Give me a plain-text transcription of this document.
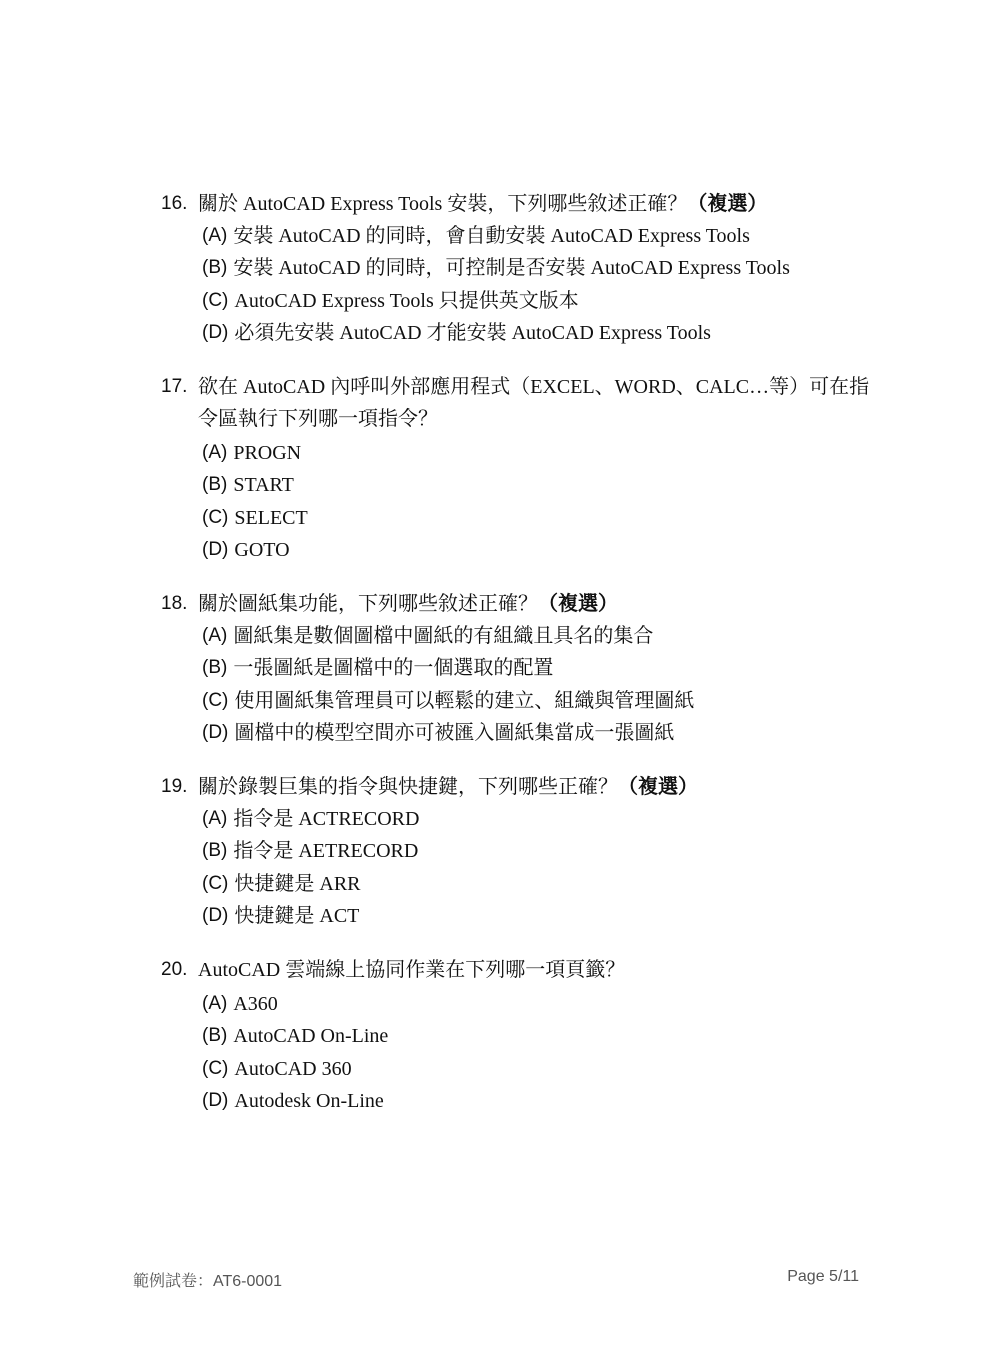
16. 關於 AutoCAD Express Tools 安裝，下列哪些敘述正確？（複選）
(A) 安裝 AutoCAD 的同時，會自動安裝 AutoCAD Express Tools
(B) 安裝 AutoCAD 的同時，可控制是否安裝 AutoCAD Express Tools
(C) AutoCAD Express Tools 只提供英文版本
(D) 必須先安裝 AutoCAD 才能安裝 AutoCAD Express Tools
17. 欲在 AutoCAD 內呼叫外部應用程式（EXCEL、WORD、CALC…等）可在指令區執行下列哪一項指令？
(A) PROGN
(B) START
(C) SELECT
(D) GOTO
18. 關於圖紙集功能，下列哪些敘述正確？（複選）
(A) 圖紙集是數個圖檔中圖紙的有組織且具名的集合
(B) 一張圖紙是圖檔中的一個選取的配置
(C) 使用圖紙集管理員可以輕鬆的建立、組織與管理圖紙
(D) 圖檔中的模型空間亦可被匯入圖紙集當成一張圖紙
19. 關於錄製巨集的指令與快捷鍵，下列哪些正確？（複選）
(A) 指令是 ACTRECORD
(B) 指令是 AETRECORD
(C) 快捷鍵是 ARR
(D) 快捷鍵是 ACT
20. AutoCAD 雲端線上協同作業在下列哪一項頁籤？
(A) A360
(B) AutoCAD On-Line
(C) AutoCAD 360
(D) Autodesk On-Line
範例試卷：AT6-0001	Page 5/11
